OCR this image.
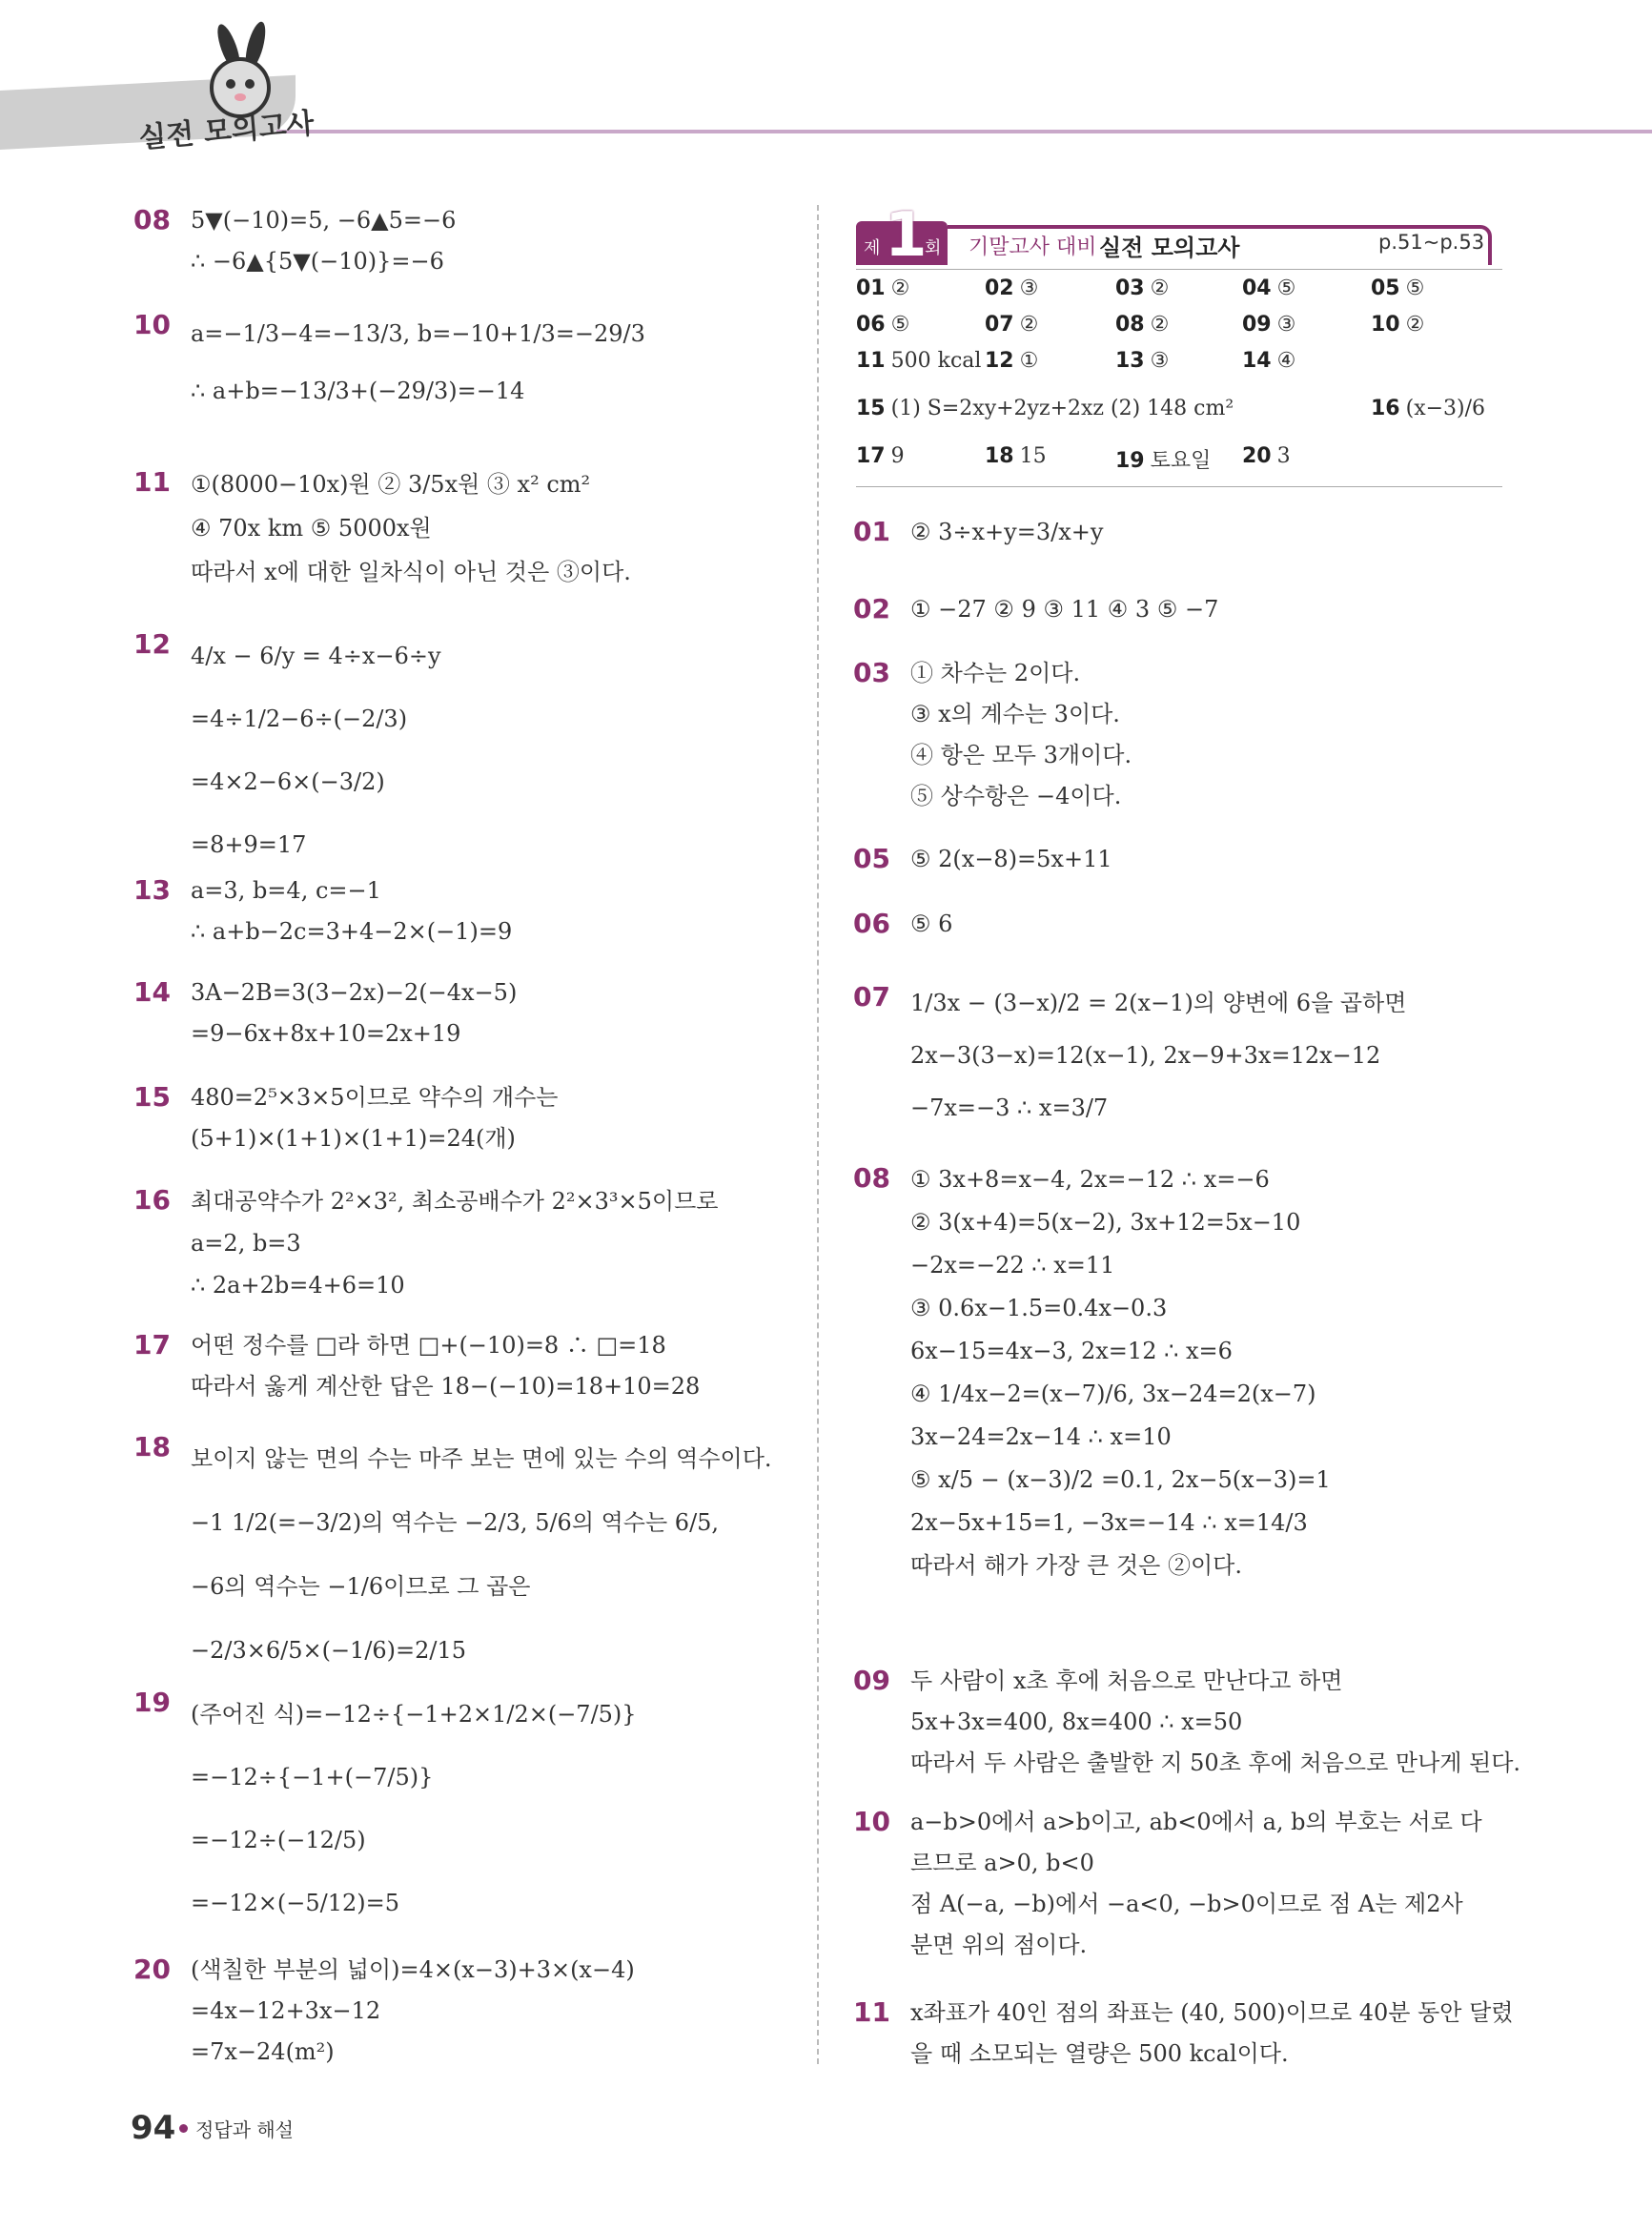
실전 모의고사
제 1
회 기말고사 대비 실전 모의고사	p.51~p.53
01 ②	02 ③	03 ②	04 ⑤	05 ⑤
06 ⑤	07 ②	08 ②	09 ③	10 ②
11 500 kcal 12 ①	13 ③	14 ④
15 (1) S=2xy+2yz+2xz (2) 148 cm²	16 (x−3)/6
17 9	18 15	19 토요일 20 3
08 5▼(−10)=5, −6▲5=−6
∴ −6▲{5▼(−10)}=−6
10 a=−1/3−4=−13/3, b=−10+1/3=−29/3
∴ a+b=−13/3+(−29/3)=−14
11 ①(8000−10x)원 ② 3/5x원 ③ x² cm²
④ 70x km ⑤ 5000x원
따라서 x에 대한 일차식이 아닌 것은 ③이다.
12 4/x − 6/y = 4÷x−6÷y
=4÷1/2−6÷(−2/3)
=4×2−6×(−3/2)
=8+9=17
13 a=3, b=4, c=−1
∴ a+b−2c=3+4−2×(−1)=9
14 3A−2B=3(3−2x)−2(−4x−5)
=9−6x+8x+10=2x+19
15 480=2⁵×3×5이므로 약수의 개수는
(5+1)×(1+1)×(1+1)=24(개)
16 최대공약수가 2²×3², 최소공배수가 2²×3³×5이므로
a=2, b=3
∴ 2a+2b=4+6=10
17 어떤 정수를 □라 하면 □+(−10)=8 ∴ □=18
따라서 옳게 계산한 답은 18−(−10)=18+10=28
18 보이지 않는 면의 수는 마주 보는 면에 있는 수의 역수이다.
−1 1/2(=−3/2)의 역수는 −2/3, 5/6의 역수는 6/5,
−6의 역수는 −1/6이므로 그 곱은
−2/3×6/5×(−1/6)=2/15
19 (주어진 식)=−12÷{−1+2×1/2×(−7/5)}
=−12÷{−1+(−7/5)}
=−12÷(−12/5)
=−12×(−5/12)=5
20 (색칠한 부분의 넓이)=4×(x−3)+3×(x−4)
=4x−12+3x−12
=7x−24(m²)
01 ② 3÷x+y=3/x+y
02 ① −27 ② 9 ③ 11 ④ 3 ⑤ −7
03 ① 차수는 2이다.
③ x의 계수는 3이다.
④ 항은 모두 3개이다.
⑤ 상수항은 −4이다.
05 ⑤ 2(x−8)=5x+11
06 ⑤ 6
07 1/3x − (3−x)/2 = 2(x−1)의 양변에 6을 곱하면
2x−3(3−x)=12(x−1), 2x−9+3x=12x−12
−7x=−3 ∴ x=3/7
08 ① 3x+8=x−4, 2x=−12 ∴ x=−6
② 3(x+4)=5(x−2), 3x+12=5x−10
−2x=−22 ∴ x=11
③ 0.6x−1.5=0.4x−0.3
6x−15=4x−3, 2x=12 ∴ x=6
④ 1/4x−2=(x−7)/6, 3x−24=2(x−7)
3x−24=2x−14 ∴ x=10
⑤ x/5 − (x−3)/2 =0.1, 2x−5(x−3)=1
2x−5x+15=1, −3x=−14 ∴ x=14/3
따라서 해가 가장 큰 것은 ②이다.
09 두 사람이 x초 후에 처음으로 만난다고 하면
5x+3x=400, 8x=400 ∴ x=50
따라서 두 사람은 출발한 지 50초 후에 처음으로 만나게 된다.
10 a−b>0에서 a>b이고, ab<0에서 a, b의 부호는 서로 다
르므로 a>0, b<0
점 A(−a, −b)에서 −a<0, −b>0이므로 점 A는 제2사
분면 위의 점이다.
11 x좌표가 40인 점의 좌표는 (40, 500)이므로 40분 동안 달렸
을 때 소모되는 열량은 500 kcal이다.
94 정답과 해설
